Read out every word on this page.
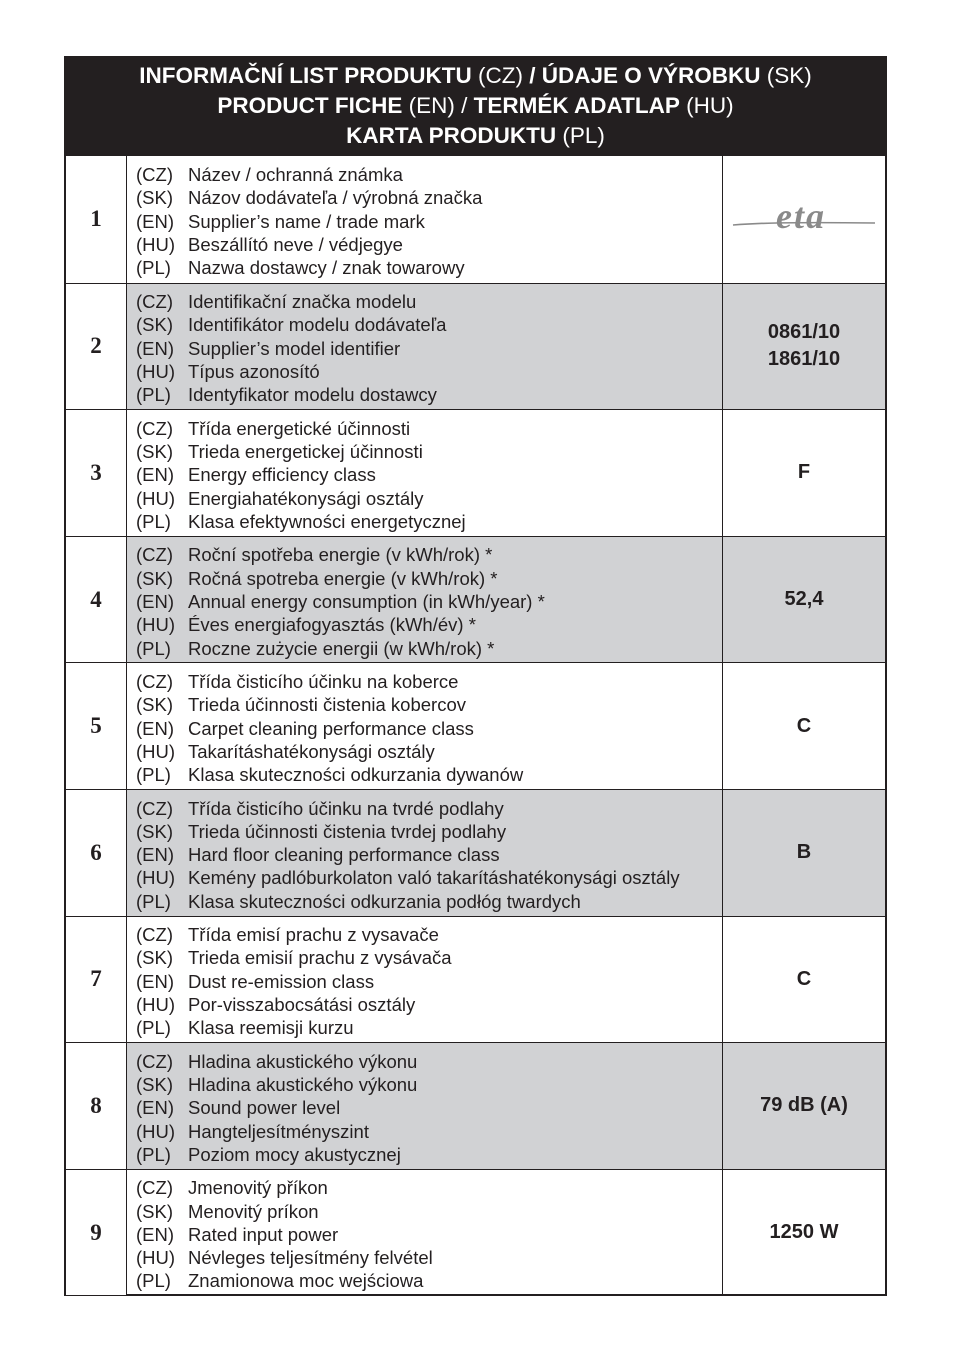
INFORMAČNÍ LIST PRODUKTU (CZ) / ÚDAJE O VÝROBKU (SK)
PRODUCT FICHE (EN) / TERMÉK ADATLAP (HU)
KARTA PRODUKTU (PL)
1
(CZ) Název / ochranná známka
(SK) Názov dodávateľa / výrobná značka
(EN) Supplier’s name / trade mark
(HU) Beszállító neve / védjegye
(PL) Nazwa dostawcy / znak towarowy
eta
2
(CZ) Identifikační značka modelu
(SK) Identifikátor modelu dodávateľa
(EN) Supplier’s model identifier
(HU) Típus azonosító
(PL) Identyfikator modelu dostawcy
0861/10
1861/10
3
(CZ) Třída energetické účinnosti
(SK) Trieda energetickej účinnosti
(EN) Energy efficiency class
(HU) Energiahatékonysági osztály
(PL) Klasa efektywności energetycznej
F
4
(CZ) Roční spotřeba energie (v kWh/rok) *
(SK) Ročná spotreba energie (v kWh/rok) *
(EN) Annual energy consumption (in kWh/year) *
(HU) Éves energiafogyasztás (kWh/év) *
(PL) Roczne zużycie energii (w kWh/rok) *
52,4
5
(CZ) Třída čisticího účinku na koberce
(SK) Trieda účinnosti čistenia kobercov
(EN) Carpet cleaning performance class
(HU) Takarításhatékonysági osztály
(PL) Klasa skuteczności odkurzania dywanów
C
6
(CZ) Třída čisticího účinku na tvrdé podlahy
(SK) Trieda účinnosti čistenia tvrdej podlahy
(EN) Hard floor cleaning performance class
(HU) Kemény padlóburkolaton való takarításhatékonysági osztály
(PL) Klasa skuteczności odkurzania podłóg twardych
B
7
(CZ) Třída emisí prachu z vysavače
(SK) Trieda emisií prachu z vysávača
(EN) Dust re-emission class
(HU) Por-visszabocsátási osztály
(PL) Klasa reemisji kurzu
C
8
(CZ) Hladina akustického výkonu
(SK) Hladina akustického výkonu
(EN) Sound power level
(HU) Hangteljesítményszint
(PL) Poziom mocy akustycznej
79 dB (A)
9
(CZ) Jmenovitý příkon
(SK) Menovitý príkon
(EN) Rated input power
(HU) Névleges teljesítmény felvétel
(PL) Znamionowa moc wejściowa
1250 W
